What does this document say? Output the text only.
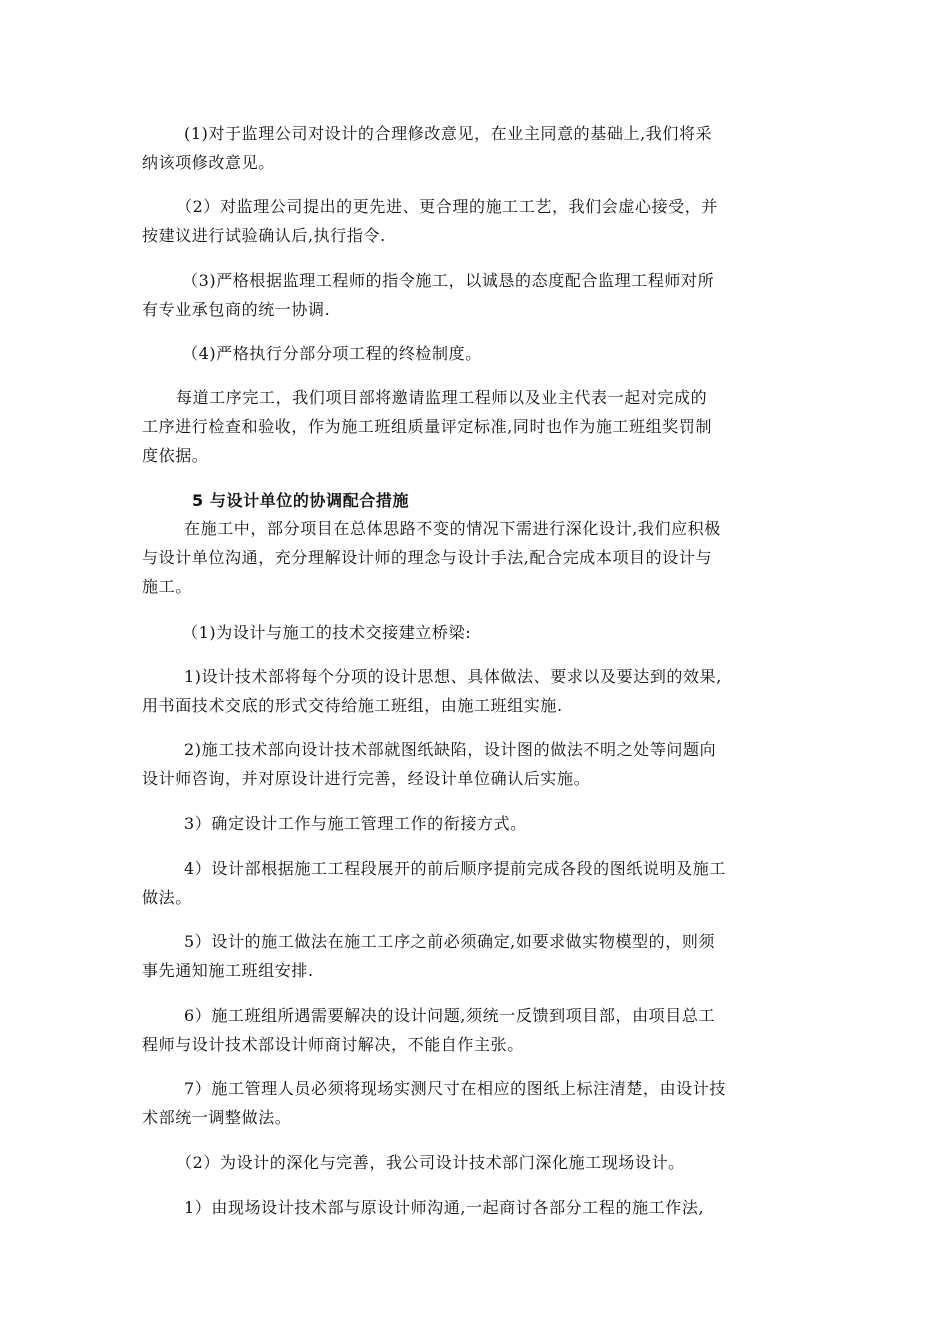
(1)对于监理公司对设计的合理修改意见，在业主同意的基础上,我们将采
纳该项修改意见。

（2）对监理公司提出的更先进、更合理的施工工艺，我们会虚心接受，并
按建议进行试验确认后,执行指令.

（3)严格根据监理工程师的指令施工，以诚恳的态度配合监理工程师对所
有专业承包商的统一协调.

（4)严格执行分部分项工程的终检制度。

每道工序完工，我们项目部将邀请监理工程师以及业主代表一起对完成的
工序进行检查和验收，作为施工班组质量评定标准,同时也作为施工班组奖罚制
度依据。

5 与设计单位的协调配合措施

在施工中，部分项目在总体思路不变的情况下需进行深化设计,我们应积极
与设计单位沟通，充分理解设计师的理念与设计手法,配合完成本项目的设计与
施工。

（1)为设计与施工的技术交接建立桥梁:

1)设计技术部将每个分项的设计思想、具体做法、要求以及要达到的效果,
用书面技术交底的形式交待给施工班组，由施工班组实施.

2)施工技术部向设计技术部就图纸缺陷，设计图的做法不明之处等问题向
设计师咨询，并对原设计进行完善，经设计单位确认后实施。

3）确定设计工作与施工管理工作的衔接方式。

4）设计部根据施工工程段展开的前后顺序提前完成各段的图纸说明及施工
做法。

5）设计的施工做法在施工工序之前必须确定,如要求做实物模型的，则须
事先通知施工班组安排.

6）施工班组所遇需要解决的设计问题,须统一反馈到项目部，由项目总工
程师与设计技术部设计师商讨解决，不能自作主张。

7）施工管理人员必须将现场实测尺寸在相应的图纸上标注清楚，由设计技
术部统一调整做法。

（2）为设计的深化与完善，我公司设计技术部门深化施工现场设计。

1）由现场设计技术部与原设计师沟通,一起商讨各部分工程的施工作法,
